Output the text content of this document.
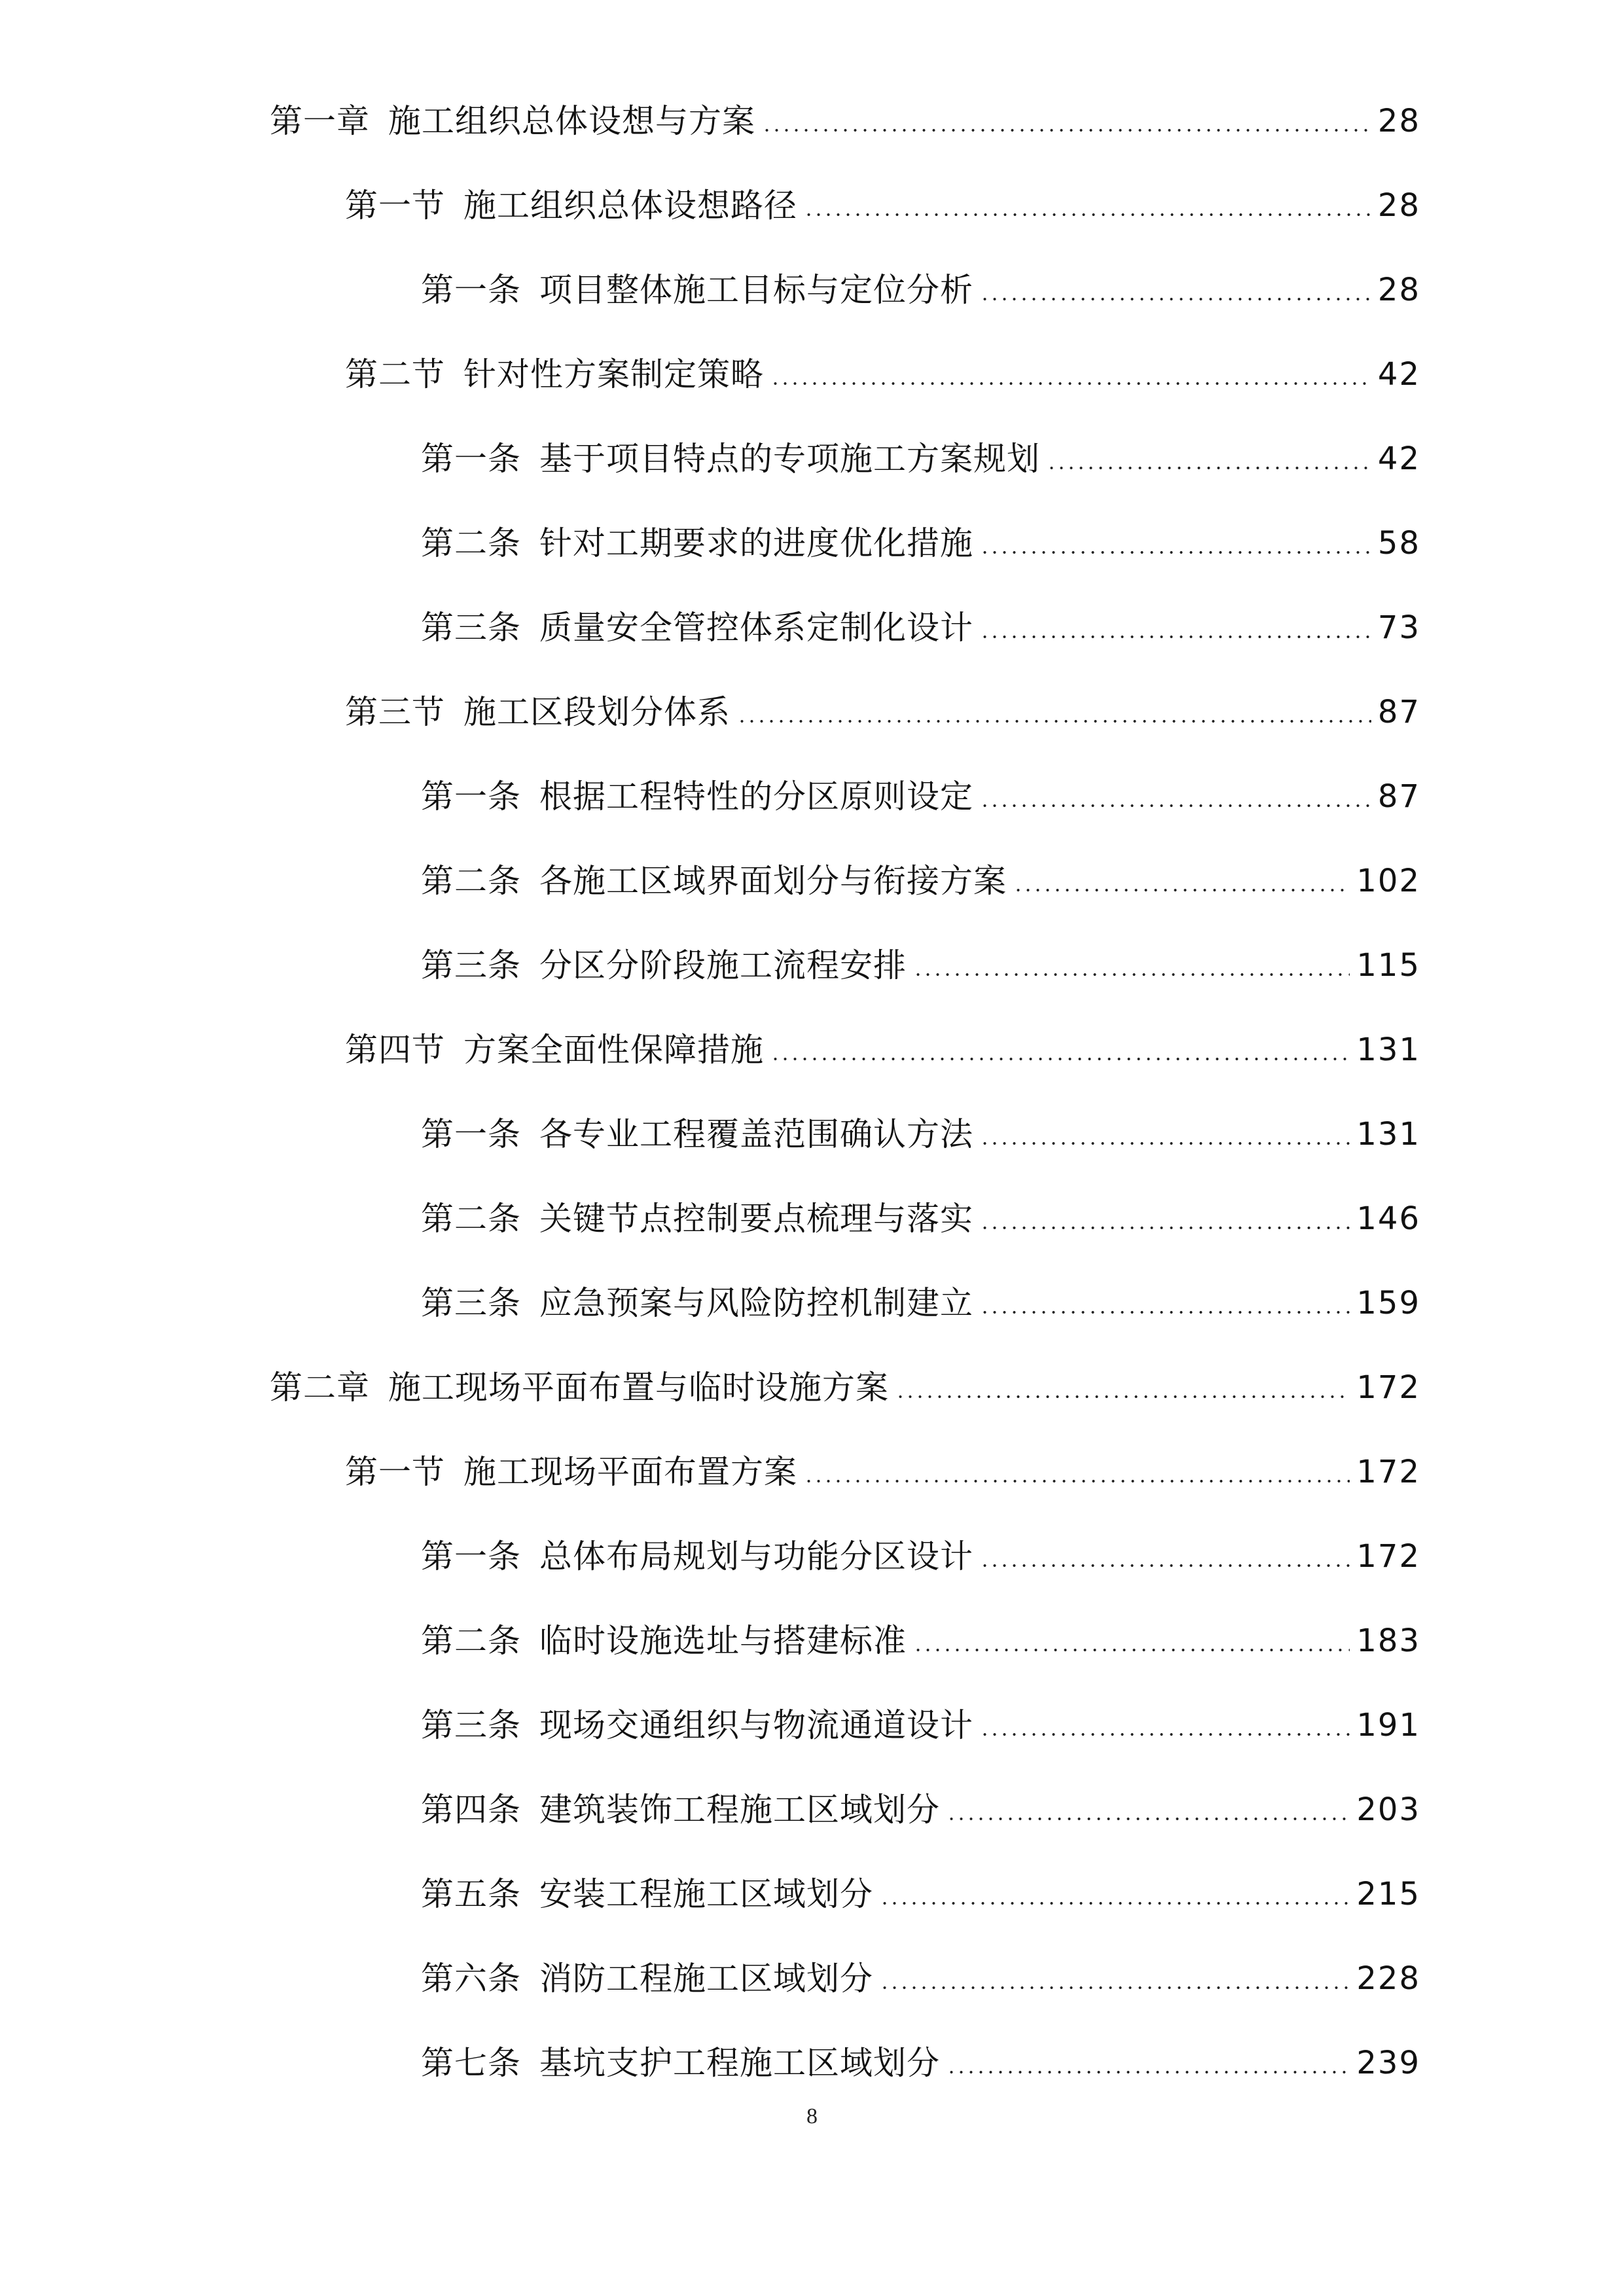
第一章 施工组织总体设想与方案	28
第一节 施工组织总体设想路径	28
第一条 项目整体施工目标与定位分析	28
第二节 针对性方案制定策略	42
第一条 基于项目特点的专项施工方案规划	42
第二条 针对工期要求的进度优化措施	58
第三条 质量安全管控体系定制化设计	73
第三节 施工区段划分体系	87
第一条 根据工程特性的分区原则设定	87
第二条 各施工区域界面划分与衔接方案	102
第三条 分区分阶段施工流程安排	115
第四节 方案全面性保障措施	131
第一条 各专业工程覆盖范围确认方法	131
第二条 关键节点控制要点梳理与落实	146
第三条 应急预案与风险防控机制建立	159
第二章 施工现场平面布置与临时设施方案	172
第一节 施工现场平面布置方案	172
第一条 总体布局规划与功能分区设计	172
第二条 临时设施选址与搭建标准	183
第三条 现场交通组织与物流通道设计	191
第四条 建筑装饰工程施工区域划分	203
第五条 安装工程施工区域划分	215
第六条 消防工程施工区域划分	228
第七条 基坑支护工程施工区域划分	239
8
